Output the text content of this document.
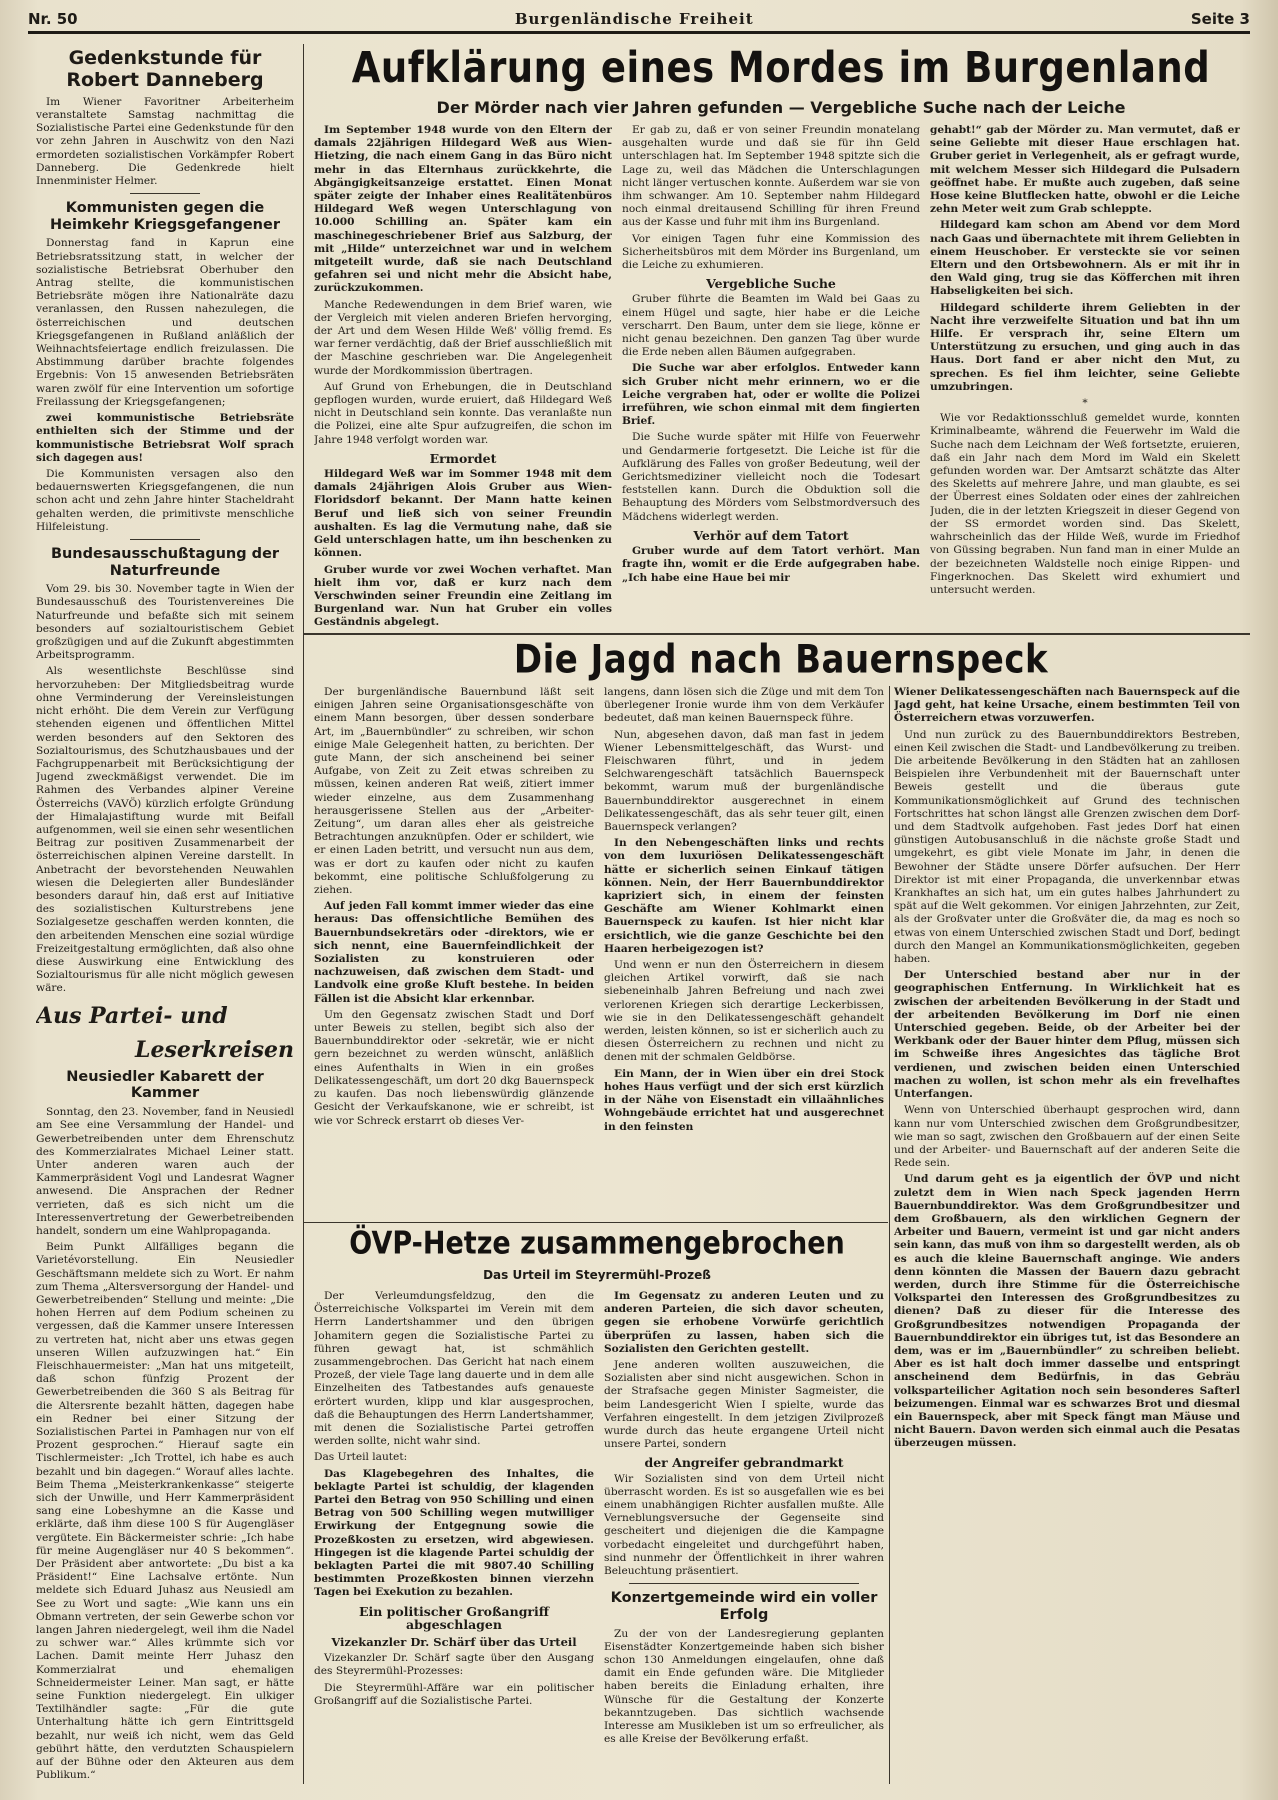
Nr. 50	Burgenländische Freiheit	Seite 3
Gedenkstunde für Robert Danneberg

Im Wiener Favoritner Arbeiterheim veranstaltete Samstag nachmittag die Sozialistische Partei eine Gedenkstunde für den vor zehn Jahren in Auschwitz von den Nazi ermordeten sozialistischen Vorkämpfer Robert Danneberg. Die Gedenkrede hielt Innenminister Helmer.

Kommunisten gegen die Heimkehr Kriegsgefangener

Donnerstag fand in Kaprun eine Betriebsratssitzung statt, in welcher der sozialistische Betriebsrat Oberhuber den Antrag stellte, die kommunistischen Betriebsräte mögen ihre Nationalräte dazu veranlassen, den Russen nahezulegen, die österreichischen und deutschen Kriegsgefangenen in Rußland anläßlich der Weihnachtsfeiertage endlich freizulassen. Die Abstimmung darüber brachte folgendes Ergebnis: Von 15 anwesenden Betriebsräten waren zwölf für eine Intervention um sofortige Freilassung der Kriegsgefangenen;

zwei kommunistische Betriebsräte enthielten sich der Stimme und der kommunistische Betriebsrat Wolf sprach sich dagegen aus!

Die Kommunisten versagen also den bedauernswerten Kriegsgefangenen, die nun schon acht und zehn Jahre hinter Stacheldraht gehalten werden, die primitivste menschliche Hilfeleistung.

Bundesausschußtagung der Naturfreunde

Vom 29. bis 30. November tagte in Wien der Bundesausschuß des Touristenvereines Die Naturfreunde und befaßte sich mit seinem besonders auf sozialtouristischem Gebiet großzügigen und auf die Zukunft abgestimmten Arbeitsprogramm.

Als wesentlichste Beschlüsse sind hervorzuheben: Der Mitgliedsbeitrag wurde ohne Verminderung der Vereinsleistungen nicht erhöht. Die dem Verein zur Verfügung stehenden eigenen und öffentlichen Mittel werden besonders auf den Sektoren des Sozialtourismus, des Schutzhausbaues und der Fachgruppenarbeit mit Berücksichtigung der Jugend zweckmäßigst verwendet. Die im Rahmen des Verbandes alpiner Vereine Österreichs (VAVÖ) kürzlich erfolgte Gründung der Himalajastiftung wurde mit Beifall aufgenommen, weil sie einen sehr wesentlichen Beitrag zur positiven Zusammenarbeit der österreichischen alpinen Vereine darstellt. In Anbetracht der bevorstehenden Neuwahlen wiesen die Delegierten aller Bundesländer besonders darauf hin, daß erst auf Initiative des sozialistischen Kulturstrebens jene Sozialgesetze geschaffen werden konnten, die den arbeitenden Menschen eine sozial würdige Freizeitgestaltung ermöglichten, daß also ohne diese Auswirkung eine Entwicklung des Sozialtourismus für alle nicht möglich gewesen wäre.

Aus Partei- und
Leserkreisen
Neusiedler Kabarett der Kammer

Sonntag, den 23. November, fand in Neusiedl am See eine Versammlung der Handel- und Gewerbetreibenden unter dem Ehrenschutz des Kommerzialrates Michael Leiner statt. Unter anderen waren auch der Kammerpräsident Vogl und Landesrat Wagner anwesend. Die Ansprachen der Redner verrieten, daß es sich nicht um die Interessenvertretung der Gewerbetreibenden handelt, sondern um eine Wahlpropaganda.

Beim Punkt Allfälliges begann die Varietévorstellung. Ein Neusiedler Geschäftsmann meldete sich zu Wort. Er nahm zum Thema „Altersversorgung der Handel- und Gewerbetreibenden“ Stellung und meinte: „Die hohen Herren auf dem Podium scheinen zu vergessen, daß die Kammer unsere Interessen zu vertreten hat, nicht aber uns etwas gegen unseren Willen aufzuzwingen hat.“ Ein Fleischhauermeister: „Man hat uns mitgeteilt, daß schon fünfzig Prozent der Gewerbetreibenden die 360 S als Beitrag für die Altersrente bezahlt hätten, dagegen habe ein Redner bei einer Sitzung der Sozialistischen Partei in Pamhagen nur von elf Prozent gesprochen.“ Hierauf sagte ein Tischlermeister: „Ich Trottel, ich habe es auch bezahlt und bin dagegen.“ Worauf alles lachte. Beim Thema „Meisterkrankenkasse“ steigerte sich der Unwille, und Herr Kammerpräsident sang eine Lobeshymne an die Kasse und erklärte, daß ihm diese 100 S für Augengläser vergütete. Ein Bäckermeister schrie: „Ich habe für meine Augengläser nur 40 S bekommen“. Der Präsident aber antwortete: „Du bist a ka Präsident!“ Eine Lachsalve ertönte. Nun meldete sich Eduard Juhasz aus Neusiedl am See zu Wort und sagte: „Wie kann uns ein Obmann vertreten, der sein Gewerbe schon vor langen Jahren niedergelegt, weil ihm die Nadel zu schwer war.“ Alles krümmte sich vor Lachen. Damit meinte Herr Juhasz den Kommerzialrat und ehemaligen Schneidermeister Leiner. Man sagt, er hätte seine Funktion niedergelegt. Ein ulkiger Textilhändler sagte: „Für die gute Unterhaltung hätte ich gern Eintrittsgeld bezahlt, nur weiß ich nicht, wem das Geld gebührt hätte, den verdutzten Schauspielern auf der Bühne oder den Akteuren aus dem Publikum.“

Aufklärung eines Mordes im Burgenland
Der Mörder nach vier Jahren gefunden — Vergebliche Suche nach der Leiche

Im September 1948 wurde von den Eltern der damals 22jährigen Hildegard Weß aus Wien-Hietzing, die nach einem Gang in das Büro nicht mehr in das Elternhaus zurückkehrte, die Abgängigkeitsanzeige erstattet. Einen Monat später zeigte der Inhaber eines Realitätenbüros Hildegard Weß wegen Unterschlagung von 10.000 Schilling an. Später kam ein maschinegeschriebener Brief aus Salzburg, der mit „Hilde“ unterzeichnet war und in welchem mitgeteilt wurde, daß sie nach Deutschland gefahren sei und nicht mehr die Absicht habe, zurückzukommen.

Manche Redewendungen in dem Brief waren, wie der Vergleich mit vielen anderen Briefen hervorging, der Art und dem Wesen Hilde Weß' völlig fremd. Es war ferner verdächtig, daß der Brief ausschließlich mit der Maschine geschrieben war. Die Angelegenheit wurde der Mordkommission übertragen.

Auf Grund von Erhebungen, die in Deutschland gepflogen wurden, wurde eruiert, daß Hildegard Weß nicht in Deutschland sein konnte. Das veranlaßte nun die Polizei, eine alte Spur aufzugreifen, die schon im Jahre 1948 verfolgt worden war.

Ermordet

Hildegard Weß war im Sommer 1948 mit dem damals 24jährigen Alois Gruber aus Wien-Floridsdorf bekannt. Der Mann hatte keinen Beruf und ließ sich von seiner Freundin aushalten. Es lag die Vermutung nahe, daß sie Geld unterschlagen hatte, um ihn beschenken zu können.

Gruber wurde vor zwei Wochen verhaftet. Man hielt ihm vor, daß er kurz nach dem Verschwinden seiner Freundin eine Zeitlang im Burgenland war. Nun hat Gruber ein volles Geständnis abgelegt.

Er gab zu, daß er von seiner Freundin monatelang ausgehalten wurde und daß sie für ihn Geld unterschlagen hat. Im September 1948 spitzte sich die Lage zu, weil das Mädchen die Unterschlagungen nicht länger vertuschen konnte. Außerdem war sie von ihm schwanger. Am 10. September nahm Hildegard noch einmal dreitausend Schilling für ihren Freund aus der Kasse und fuhr mit ihm ins Burgenland.

Vor einigen Tagen fuhr eine Kommission des Sicherheitsbüros mit dem Mörder ins Burgenland, um die Leiche zu exhumieren.

Vergebliche Suche

Gruber führte die Beamten im Wald bei Gaas zu einem Hügel und sagte, hier habe er die Leiche verscharrt. Den Baum, unter dem sie liege, könne er nicht genau bezeichnen. Den ganzen Tag über wurde die Erde neben allen Bäumen aufgegraben.

Die Suche war aber erfolglos. Entweder kann sich Gruber nicht mehr erinnern, wo er die Leiche vergraben hat, oder er wollte die Polizei irreführen, wie schon einmal mit dem fingierten Brief.

Die Suche wurde später mit Hilfe von Feuerwehr und Gendarmerie fortgesetzt. Die Leiche ist für die Aufklärung des Falles von großer Bedeutung, weil der Gerichtsmediziner vielleicht noch die Todesart feststellen kann. Durch die Obduktion soll die Behauptung des Mörders vom Selbstmordversuch des Mädchens widerlegt werden.

Verhör auf dem Tatort

Gruber wurde auf dem Tatort verhört. Man fragte ihn, womit er die Erde aufgegraben habe. „Ich habe eine Haue bei mir

gehabt!“ gab der Mörder zu. Man vermutet, daß er seine Geliebte mit dieser Haue erschlagen hat. Gruber geriet in Verlegenheit, als er gefragt wurde, mit welchem Messer sich Hildegard die Pulsadern geöffnet habe. Er mußte auch zugeben, daß seine Hose keine Blutflecken hatte, obwohl er die Leiche zehn Meter weit zum Grab schleppte.

Hildegard kam schon am Abend vor dem Mord nach Gaas und übernachtete mit ihrem Geliebten in einem Heuschober. Er versteckte sie vor seinen Eltern und den Ortsbewohnern. Als er mit ihr in den Wald ging, trug sie das Köfferchen mit ihren Habseligkeiten bei sich.

Hildegard schilderte ihrem Geliebten in der Nacht ihre verzweifelte Situation und bat ihn um Hilfe. Er versprach ihr, seine Eltern um Unterstützung zu ersuchen, und ging auch in das Haus. Dort fand er aber nicht den Mut, zu sprechen. Es fiel ihm leichter, seine Geliebte umzubringen.

*

Wie vor Redaktionsschluß gemeldet wurde, konnten Kriminalbeamte, während die Feuerwehr im Wald die Suche nach dem Leichnam der Weß fortsetzte, eruieren, daß ein Jahr nach dem Mord im Wald ein Skelett gefunden worden war. Der Amtsarzt schätzte das Alter des Skeletts auf mehrere Jahre, und man glaubte, es sei der Überrest eines Soldaten oder eines der zahlreichen Juden, die in der letzten Kriegszeit in dieser Gegend von der SS ermordet worden sind. Das Skelett, wahrscheinlich das der Hilde Weß, wurde im Friedhof von Güssing begraben. Nun fand man in einer Mulde an der bezeichneten Waldstelle noch einige Rippen- und Fingerknochen. Das Skelett wird exhumiert und untersucht werden.

Die Jagd nach Bauernspeck

Der burgenländische Bauernbund läßt seit einigen Jahren seine Organisationsgeschäfte von einem Mann besorgen, über dessen sonderbare Art, im „Bauernbündler“ zu schreiben, wir schon einige Male Gelegenheit hatten, zu berichten. Der gute Mann, der sich anscheinend bei seiner Aufgabe, von Zeit zu Zeit etwas schreiben zu müssen, keinen anderen Rat weiß, zitiert immer wieder einzelne, aus dem Zusammenhang herausgerissene Stellen aus der „Arbeiter-Zeitung“, um daran alles eher als geistreiche Betrachtungen anzuknüpfen. Oder er schildert, wie er einen Laden betritt, und versucht nun aus dem, was er dort zu kaufen oder nicht zu kaufen bekommt, eine politische Schlußfolgerung zu ziehen.

Auf jeden Fall kommt immer wieder das eine heraus: Das offensichtliche Bemühen des Bauernbundsekretärs oder -direktors, wie er sich nennt, eine Bauernfeindlichkeit der Sozialisten zu konstruieren oder nachzuweisen, daß zwischen dem Stadt- und Landvolk eine große Kluft bestehe. In beiden Fällen ist die Absicht klar erkennbar.

Um den Gegensatz zwischen Stadt und Dorf unter Beweis zu stellen, begibt sich also der Bauernbunddirektor oder -sekretär, wie er nicht gern bezeichnet zu werden wünscht, anläßlich eines Aufenthalts in Wien in ein großes Delikatessengeschäft, um dort 20 dkg Bauernspeck zu kaufen. Das noch liebenswürdig glänzende Gesicht der Verkaufskanone, wie er schreibt, ist wie vor Schreck erstarrt ob dieses Ver-

langens, dann lösen sich die Züge und mit dem Ton überlegener Ironie wurde ihm von dem Verkäufer bedeutet, daß man keinen Bauernspeck führe.

Nun, abgesehen davon, daß man fast in jedem Wiener Lebensmittelgeschäft, das Wurst- und Fleischwaren führt, und in jedem Selchwarengeschäft tatsächlich Bauernspeck bekommt, warum muß der burgenländische Bauernbunddirektor ausgerechnet in einem Delikatessengeschäft, das als sehr teuer gilt, einen Bauernspeck verlangen?

In den Nebengeschäften links und rechts von dem luxuriösen Delikatessengeschäft hätte er sicherlich seinen Einkauf tätigen können. Nein, der Herr Bauernbunddirektor kapriziert sich, in einem der feinsten Geschäfte am Wiener Kohlmarkt einen Bauernspeck zu kaufen. Ist hier nicht klar ersichtlich, wie die ganze Geschichte bei den Haaren herbeigezogen ist?

Und wenn er nun den Österreichern in diesem gleichen Artikel vorwirft, daß sie nach siebeneinhalb Jahren Befreiung und nach zwei verlorenen Kriegen sich derartige Leckerbissen, wie sie in den Delikatessengeschäft gehandelt werden, leisten können, so ist er sicherlich auch zu diesen Österreichern zu rechnen und nicht zu denen mit der schmalen Geldbörse.

Ein Mann, der in Wien über ein drei Stock hohes Haus verfügt und der sich erst kürzlich in der Nähe von Eisenstadt ein villaähnliches Wohngebäude errichtet hat und ausgerechnet in den feinsten

Wiener Delikatessengeschäften nach Bauernspeck auf die Jagd geht, hat keine Ursache, einem bestimmten Teil von Österreichern etwas vorzuwerfen.

Und nun zurück zu des Bauernbunddirektors Bestreben, einen Keil zwischen die Stadt- und Landbevölkerung zu treiben. Die arbeitende Bevölkerung in den Städten hat an zahllosen Beispielen ihre Verbundenheit mit der Bauernschaft unter Beweis gestellt und die überaus gute Kommunikationsmöglichkeit auf Grund des technischen Fortschrittes hat schon längst alle Grenzen zwischen dem Dorf- und dem Stadtvolk aufgehoben. Fast jedes Dorf hat einen günstigen Autobusanschluß in die nächste große Stadt und umgekehrt, es gibt viele Monate im Jahr, in denen die Bewohner der Städte unsere Dörfer aufsuchen. Der Herr Direktor ist mit einer Propaganda, die unverkennbar etwas Krankhaftes an sich hat, um ein gutes halbes Jahrhundert zu spät auf die Welt gekommen. Vor einigen Jahrzehnten, zur Zeit, als der Großvater unter die Großväter die, da mag es noch so etwas von einem Unterschied zwischen Stadt und Dorf, bedingt durch den Mangel an Kommunikationsmöglichkeiten, gegeben haben.

Der Unterschied bestand aber nur in der geographischen Entfernung. In Wirklichkeit hat es zwischen der arbeitenden Bevölkerung in der Stadt und der arbeitenden Bevölkerung im Dorf nie einen Unterschied gegeben. Beide, ob der Arbeiter bei der Werkbank oder der Bauer hinter dem Pflug, müssen sich im Schweiße ihres Angesichtes das tägliche Brot verdienen, und zwischen beiden einen Unterschied machen zu wollen, ist schon mehr als ein frevelhaftes Unterfangen.

Wenn von Unterschied überhaupt gesprochen wird, dann kann nur vom Unterschied zwischen dem Großgrundbesitzer, wie man so sagt, zwischen den Großbauern auf der einen Seite und der Arbeiter- und Bauernschaft auf der anderen Seite die Rede sein.

Und darum geht es ja eigentlich der ÖVP und nicht zuletzt dem in Wien nach Speck jagenden Herrn Bauernbunddirektor. Was dem Großgrundbesitzer und dem Großbauern, als den wirklichen Gegnern der Arbeiter und Bauern, vermeint ist und gar nicht anders sein kann, das muß von ihm so dargestellt werden, als ob es auch die kleine Bauernschaft anginge. Wie anders denn könnten die Massen der Bauern dazu gebracht werden, durch ihre Stimme für die Österreichische Volkspartei den Interessen des Großgrundbesitzes zu dienen? Daß zu dieser für die Interesse des Großgrundbesitzes notwendigen Propaganda der Bauernbunddirektor ein übriges tut, ist das Besondere an dem, was er im „Bauernbündler“ zu schreiben beliebt. Aber es ist halt doch immer dasselbe und entspringt anscheinend dem Bedürfnis, in das Gebräu volksparteilicher Agitation noch sein besonderes Safterl beizumengen. Einmal war es schwarzes Brot und diesmal ein Bauernspeck, aber mit Speck fängt man Mäuse und nicht Bauern. Davon werden sich einmal auch die Pesatas überzeugen müssen.

ÖVP-Hetze zusammengebrochen
Das Urteil im Steyrermühl-Prozeß

Der Verleumdungsfeldzug, den die Österreichische Volkspartei im Verein mit dem Herrn Landertshammer und den übrigen Johamitern gegen die Sozialistische Partei zu führen gewagt hat, ist schmählich zusammengebrochen. Das Gericht hat nach einem Prozeß, der viele Tage lang dauerte und in dem alle Einzelheiten des Tatbestandes aufs genaueste erörtert wurden, klipp und klar ausgesprochen, daß die Behauptungen des Herrn Landertshammer, mit denen die Sozialistische Partei getroffen werden sollte, nicht wahr sind.

Das Urteil lautet:

Das Klagebegehren des Inhaltes, die beklagte Partei ist schuldig, der klagenden Partei den Betrag von 950 Schilling und einen Betrag von 500 Schilling wegen mutwilliger Erwirkung der Entgegnung sowie die Prozeßkosten zu ersetzen, wird abgewiesen. Hingegen ist die klagende Partei schuldig der beklagten Partei die mit 9807.40 Schilling bestimmten Prozeßkosten binnen vierzehn Tagen bei Exekution zu bezahlen.

Ein politischer Großangriff abgeschlagen
Vizekanzler Dr. Schärf über das Urteil

Vizekanzler Dr. Schärf sagte über den Ausgang des Steyrermühl-Prozesses:

Die Steyrermühl-Affäre war ein politischer Großangriff auf die Sozialistische Partei.

Im Gegensatz zu anderen Leuten und zu anderen Parteien, die sich davor scheuten, gegen sie erhobene Vorwürfe gerichtlich überprüfen zu lassen, haben sich die Sozialisten den Gerichten gestellt.

Jene anderen wollten auszuweichen, die Sozialisten aber sind nicht ausgewichen. Schon in der Strafsache gegen Minister Sagmeister, die beim Landesgericht Wien I spielte, wurde das Verfahren eingestellt. In dem jetzigen Zivilprozeß wurde durch das heute ergangene Urteil nicht unsere Partei, sondern

der Angreifer gebrandmarkt

Wir Sozialisten sind von dem Urteil nicht überrascht worden. Es ist so ausgefallen wie es bei einem unabhängigen Richter ausfallen mußte. Alle Verneblungsversuche der Gegenseite sind gescheitert und diejenigen die die Kampagne vorbedacht eingeleitet und durchgeführt haben, sind nunmehr der Öffentlichkeit in ihrer wahren Beleuchtung präsentiert.

Konzertgemeinde wird ein voller Erfolg

Zu der von der Landesregierung geplanten Eisenstädter Konzertgemeinde haben sich bisher schon 130 Anmeldungen eingelaufen, ohne daß damit ein Ende gefunden wäre. Die Mitglieder haben bereits die Einladung erhalten, ihre Wünsche für die Gestaltung der Konzerte bekanntzugeben. Das sichtlich wachsende Interesse am Musikleben ist um so erfreulicher, als es alle Kreise der Bevölkerung erfaßt.
